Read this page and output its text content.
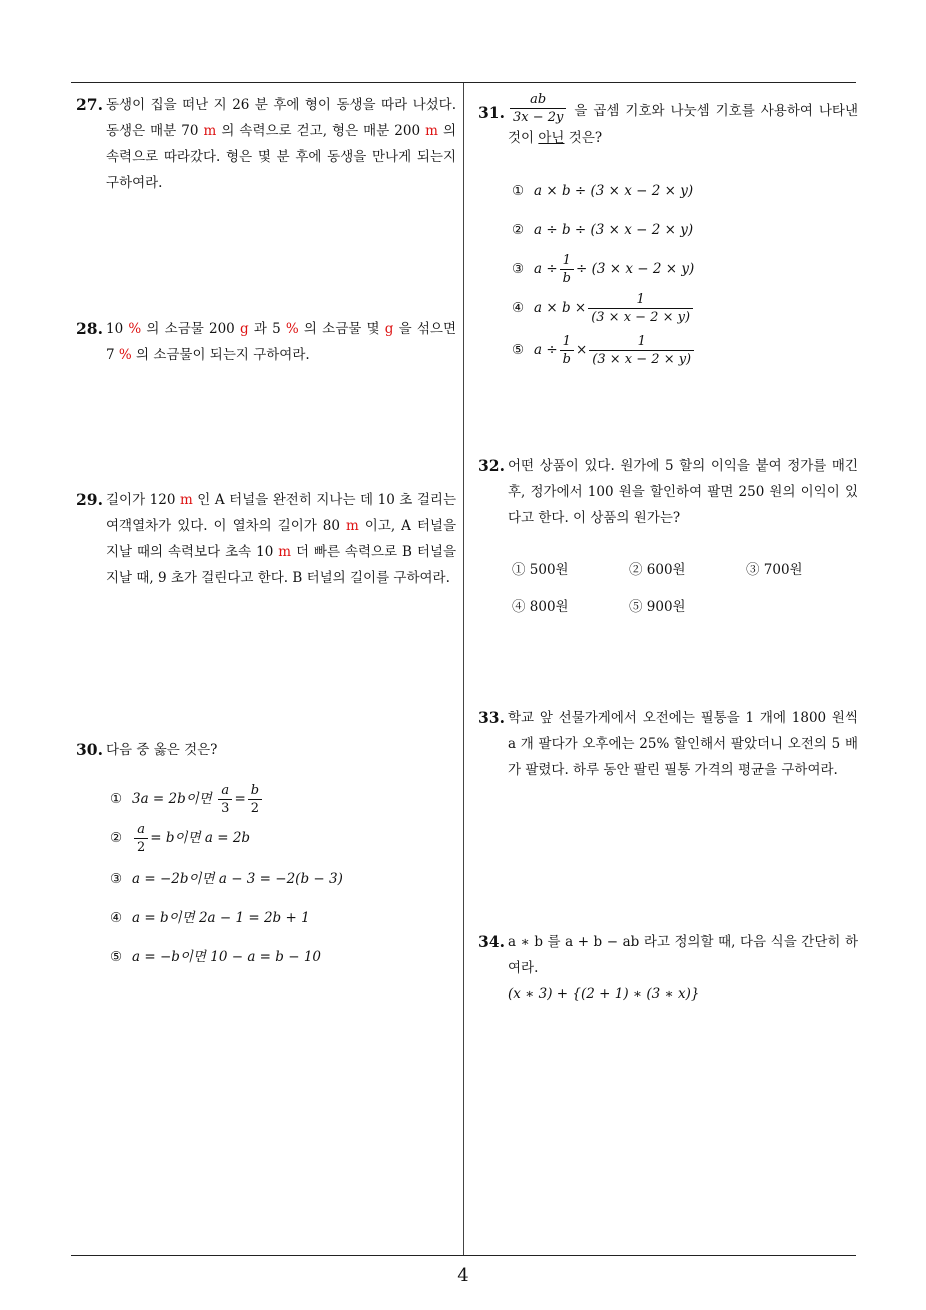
27. 동생이 집을 떠난 지 26 분 후에 형이 동생을 따라 나섰다. 동생은 매분 70 m 의 속력으로 걷고, 형은 매분 200 m 의 속력으로 따라갔다. 형은 몇 분 후에 동생을 만나게 되는지 구하여라.
28. 10 % 의 소금물 200 g 과 5 % 의 소금물 몇 g 을 섞으면 7 % 의 소금물이 되는지 구하여라.
29. 길이가 120 m 인 A 터널을 완전히 지나는 데 10 초 걸리는 여객열차가 있다. 이 열차의 길이가 80 m 이고, A 터널을 지날 때의 속력보다 초속 10 m 더 빠른 속력으로 B 터널을 지날 때, 9 초가 걸린다고 한다. B 터널의 길이를 구하여라.
30. 다음 중 옳은 것은?
① 3a = 2b이면 $\frac{a}{3} = \frac{b}{2}$
② $\frac{a}{2} = b$이면 a = 2b
③ a = −2b이면 a − 3 = −2(b − 3)
④ a = b이면 2a − 1 = 2b + 1
⑤ a = −b이면 10 − a = b − 10
31. $\frac{ab}{3x - 2y}$ 을 곱셈 기호와 나눗셈 기호를 사용하여 나타낸 것이 아닌 것은?
① a × b ÷ (3 × x − 2 × y)
② a ÷ b ÷ (3 × x − 2 × y)
③ $a \div \frac{1}{b} \div (3 \times x - 2 \times y)$
④ $a \times b \times \frac{1}{(3 \times x - 2 \times y)}$
⑤ $a \div \frac{1}{b} \times \frac{1}{(3 \times x - 2 \times y)}$
32. 어떤 상품이 있다. 원가에 5 할의 이익을 붙여 정가를 매긴 후, 정가에서 100 원을 할인하여 팔면 250 원의 이익이 있다고 한다. 이 상품의 원가는?
① 500원	② 600원	③ 700원
④ 800원	⑤ 900원
33. 학교 앞 선물가게에서 오전에는 필통을 1 개에 1800 원씩 a 개 팔다가 오후에는 25% 할인해서 팔았더니 오전의 5 배가 팔렸다. 하루 동안 팔린 필통 가격의 평균을 구하여라.
34. a ∗ b 를 a + b − ab 라고 정의할 때, 다음 식을 간단히 하여라.
(x ∗ 3) + {(2 + 1) ∗ (3 ∗ x)}
4
